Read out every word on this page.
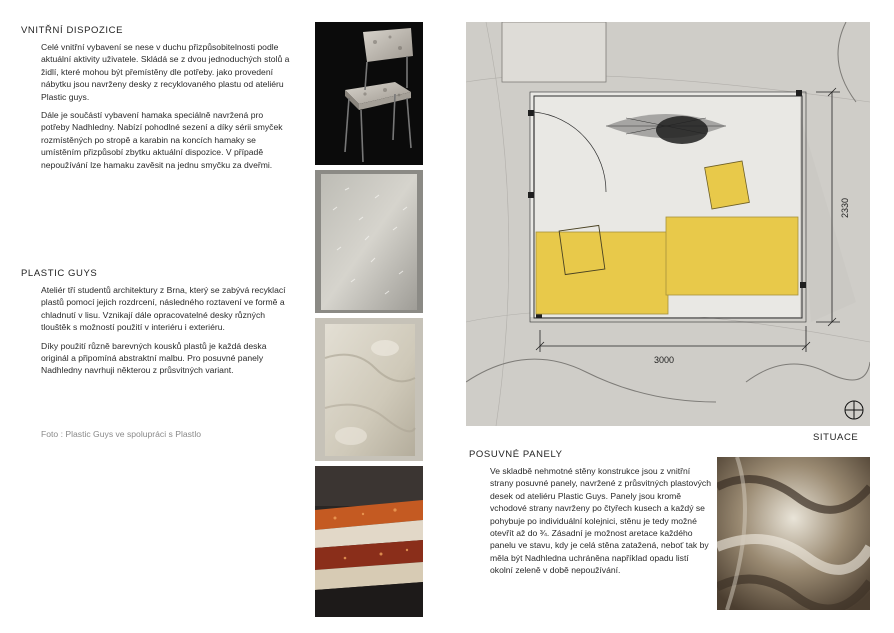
VNITŘNÍ DISPOZICE

Celé vnitřní vybavení se nese v duchu přizpůsobitelnosti podle aktuální aktivity uživatele. Skládá se z dvou jednoduchých stolů a židlí, které mohou být přemístěny dle potřeby. jako provedení nábytku jsou navrženy desky z recyklovaného plastu od ateliéru Plastic guys.

Dále je součástí vybavení hamaka speciálně navržená pro potřeby Nadhledny. Nabízí pohodlné sezení a díky sérii smyček rozmístěných po stropě a karabin na koncích hamaky se umístěním přizpůsobí zbytku aktuální dispozice. V případě nepoužívání lze hamaku zavěsit na jednu smyčku za dveřmi.

PLASTIC GUYS

Ateliér tří studentů architektury z Brna, který se zabývá recyklací plastů pomocí jejich rozdrcení, následného roztavení ve formě a chladnutí v lisu. Vznikají dále opracovatelné desky různých tlouštěk s možností použití v interiéru i exteriéru.

Díky použití různě barevných kousků plastů je každá deska originál a připomíná abstraktní malbu. Pro posuvné panely Nadhledny navrhuji některou z průsvitných variant.

Foto : Plastic Guys ve spolupráci s Plastlo
3000
2330
SITUACE
POSUVNÉ PANELY

Ve skladbě nehmotné stěny konstrukce jsou z vnitřní strany posuvné panely, navržené z průsvitných plastových desek od ateliéru Plastic Guys. Panely jsou kromě vchodové strany navrženy po čtyřech kusech a každý se pohybuje po individuální kolejnici, stěnu je tedy možné otevřít až do ¾. Zásadní je možnost aretace každého panelu ve stavu, kdy je celá stěna zatažená, neboť tak by měla být Nadhledna uchráněna například opadu listí okolní zeleně v době nepoužívání.
